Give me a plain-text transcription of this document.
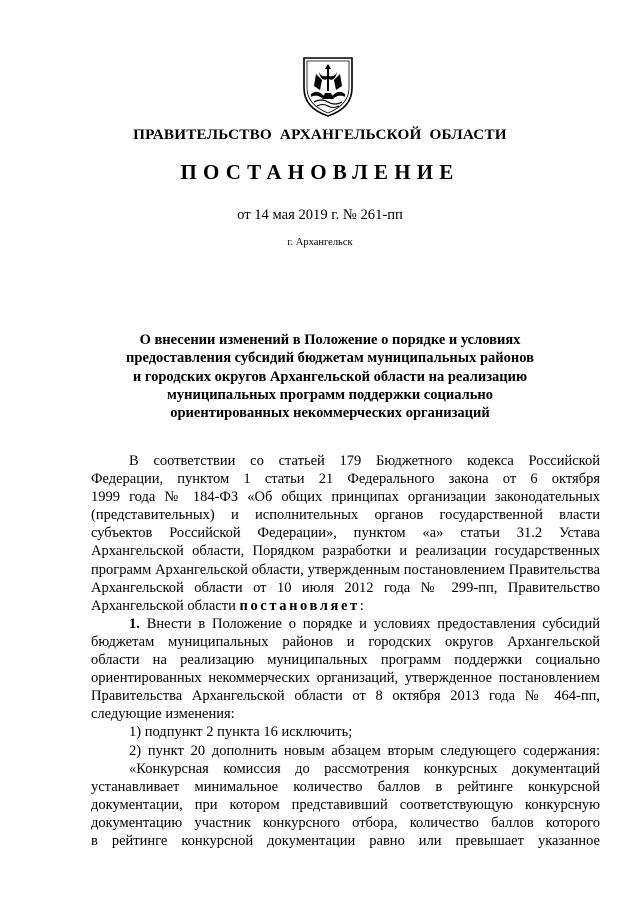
ПРАВИТЕЛЬСТВО АРХАНГЕЛЬСКОЙ ОБЛАСТИ
ПОСТАНОВЛЕНИЕ
от 14 мая 2019 г. № 261-пп
г. Архангельск
О внесении изменений в Положение о порядке и условиях
предоставления субсидий бюджетам муниципальных районов
и городских округов Архангельской области на реализацию
муниципальных программ поддержки социально
ориентированных некоммерческих организаций
В соответствии со статьей 179 Бюджетного кодекса Российской
Федерации, пунктом 1 статьи 21 Федерального закона от 6 октября
1999 года № 184-ФЗ «Об общих принципах организации законодательных
(представительных) и исполнительных органов государственной власти
субъектов Российской Федерации», пунктом «а» статьи 31.2 Устава
Архангельской области, Порядком разработки и реализации государственных
программ Архангельской области, утвержденным постановлением Правительства
Архангельской области от 10 июля 2012 года № 299-пп, Правительство
Архангельской области постановляет:
1. Внести в Положение о порядке и условиях предоставления субсидий
бюджетам муниципальных районов и городских округов Архангельской
области на реализацию муниципальных программ поддержки социально
ориентированных некоммерческих организаций, утвержденное постановлением
Правительства Архангельской области от 8 октября 2013 года № 464-пп,
следующие изменения:
1) подпункт 2 пункта 16 исключить;
2) пункт 20 дополнить новым абзацем вторым следующего содержания:
«Конкурсная комиссия до рассмотрения конкурсных документаций
устанавливает минимальное количество баллов в рейтинге конкурсной
документации, при котором представивший соответствующую конкурсную
документацию участник конкурсного отбора, количество баллов которого
в рейтинге конкурсной документации равно или превышает указанное
